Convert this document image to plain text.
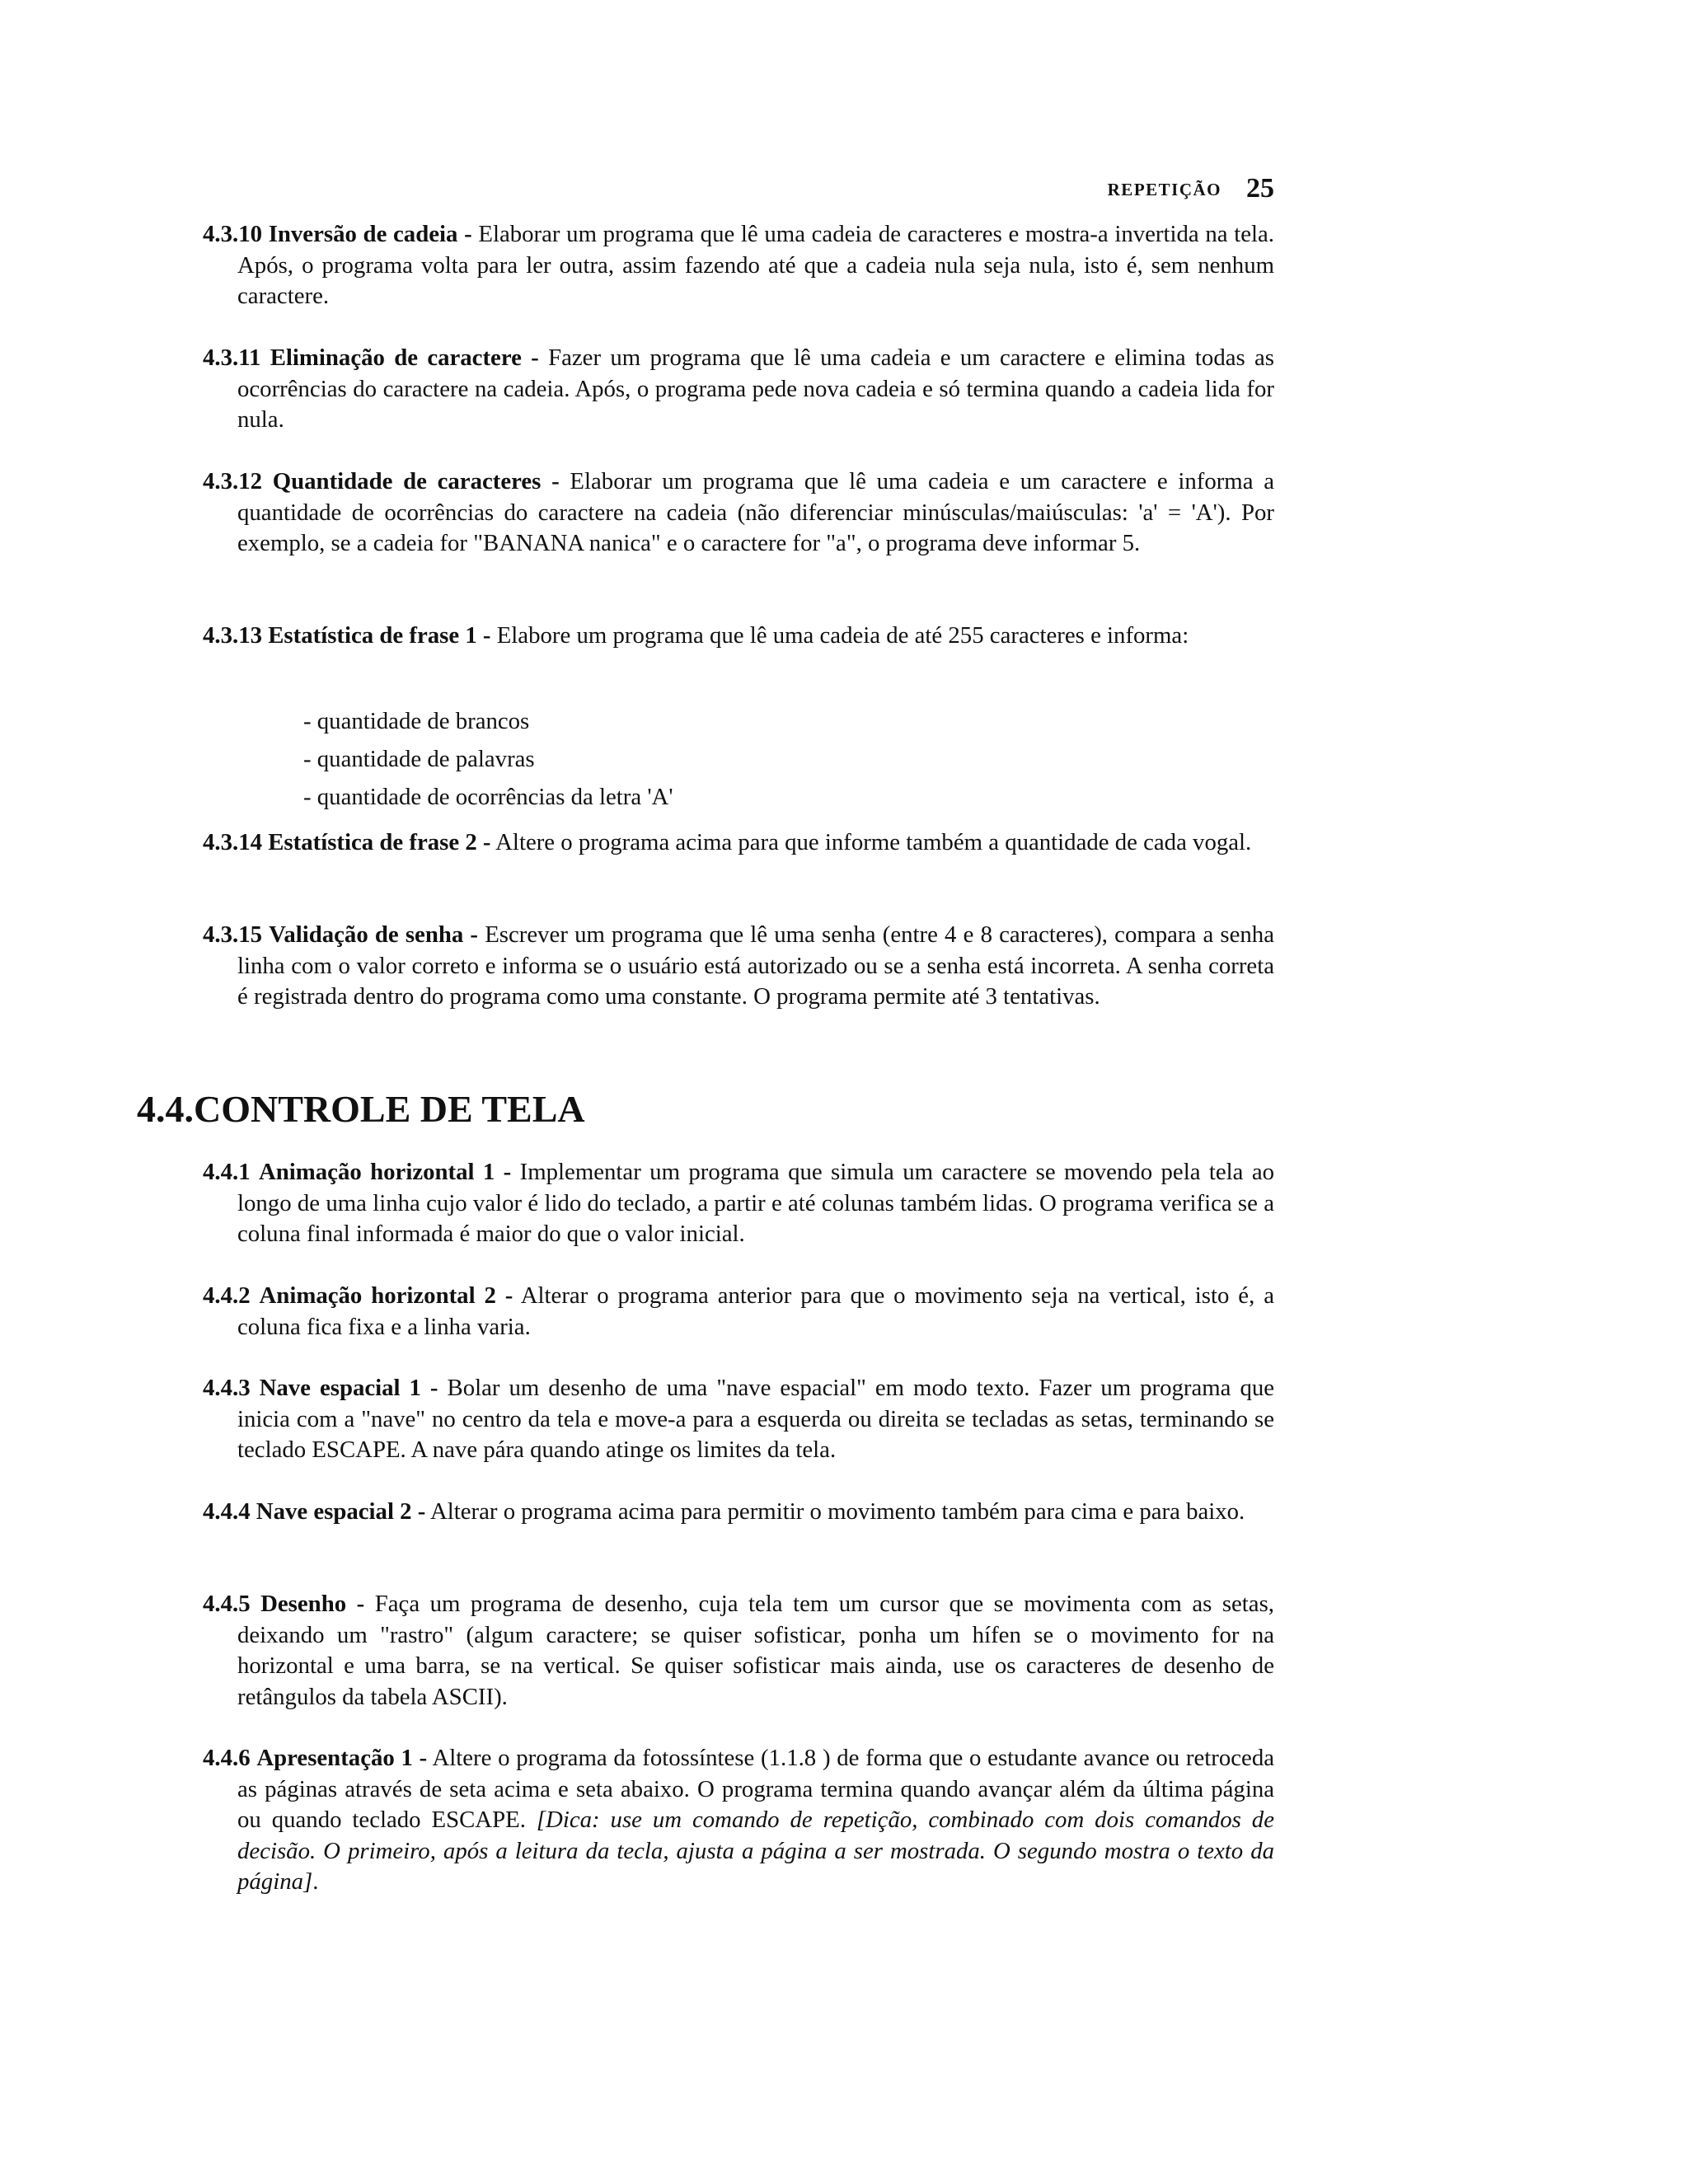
REPETIÇÃO 25

4.3.10 Inversão de cadeia - Elaborar um programa que lê uma cadeia de caracteres e mostra-a invertida na tela. Após, o programa volta para ler outra, assim fazendo até que a cadeia nula seja nula, isto é, sem nenhum caractere.

4.3.11 Eliminação de caractere - Fazer um programa que lê uma cadeia e um caractere e elimina todas as ocorrências do caractere na cadeia. Após, o programa pede nova cadeia e só termina quando a cadeia lida for nula.

4.3.12 Quantidade de caracteres - Elaborar um programa que lê uma cadeia e um caractere e informa a quantidade de ocorrências do caractere na cadeia (não diferenciar minúsculas/maiúsculas: 'a' = 'A'). Por exemplo, se a cadeia for "BANANA nanica" e o caractere for "a", o programa deve informar 5.

4.3.13 Estatística de frase 1 - Elabore um programa que lê uma cadeia de até 255 caracteres e informa:

- quantidade de brancos

- quantidade de palavras

- quantidade de ocorrências da letra 'A'

4.3.14 Estatística de frase 2 - Altere o programa acima para que informe também a quantidade de cada vogal.

4.3.15 Validação de senha - Escrever um programa que lê uma senha (entre 4 e 8 caracteres), compara a senha linha com o valor correto e informa se o usuário está autorizado ou se a senha está incorreta. A senha correta é registrada dentro do programa como uma constante. O programa permite até 3 tentativas.

4.4.CONTROLE DE TELA

4.4.1 Animação horizontal 1 - Implementar um programa que simula um caractere se movendo pela tela ao longo de uma linha cujo valor é lido do teclado, a partir e até colunas também lidas. O programa verifica se a coluna final informada é maior do que o valor inicial.

4.4.2 Animação horizontal 2 - Alterar o programa anterior para que o movimento seja na vertical, isto é, a coluna fica fixa e a linha varia.

4.4.3 Nave espacial 1 - Bolar um desenho de uma "nave espacial" em modo texto. Fazer um programa que inicia com a "nave" no centro da tela e move-a para a esquerda ou direita se tecladas as setas, terminando se teclado ESCAPE. A nave pára quando atinge os limites da tela.

4.4.4 Nave espacial 2 - Alterar o programa acima para permitir o movimento também para cima e para baixo.

4.4.5 Desenho - Faça um programa de desenho, cuja tela tem um cursor que se movimenta com as setas, deixando um "rastro" (algum caractere; se quiser sofisticar, ponha um hífen se o movimento for na horizontal e uma barra, se na vertical. Se quiser sofisticar mais ainda, use os caracteres de desenho de retângulos da tabela ASCII).

4.4.6 Apresentação 1 - Altere o programa da fotossíntese (1.1.8 ) de forma que o estudante avance ou retroceda as páginas através de seta acima e seta abaixo. O programa termina quando avançar além da última página ou quando teclado ESCAPE. [Dica: use um comando de repetição, combinado com dois comandos de decisão. O primeiro, após a leitura da tecla, ajusta a página a ser mostrada. O segundo mostra o texto da página].
